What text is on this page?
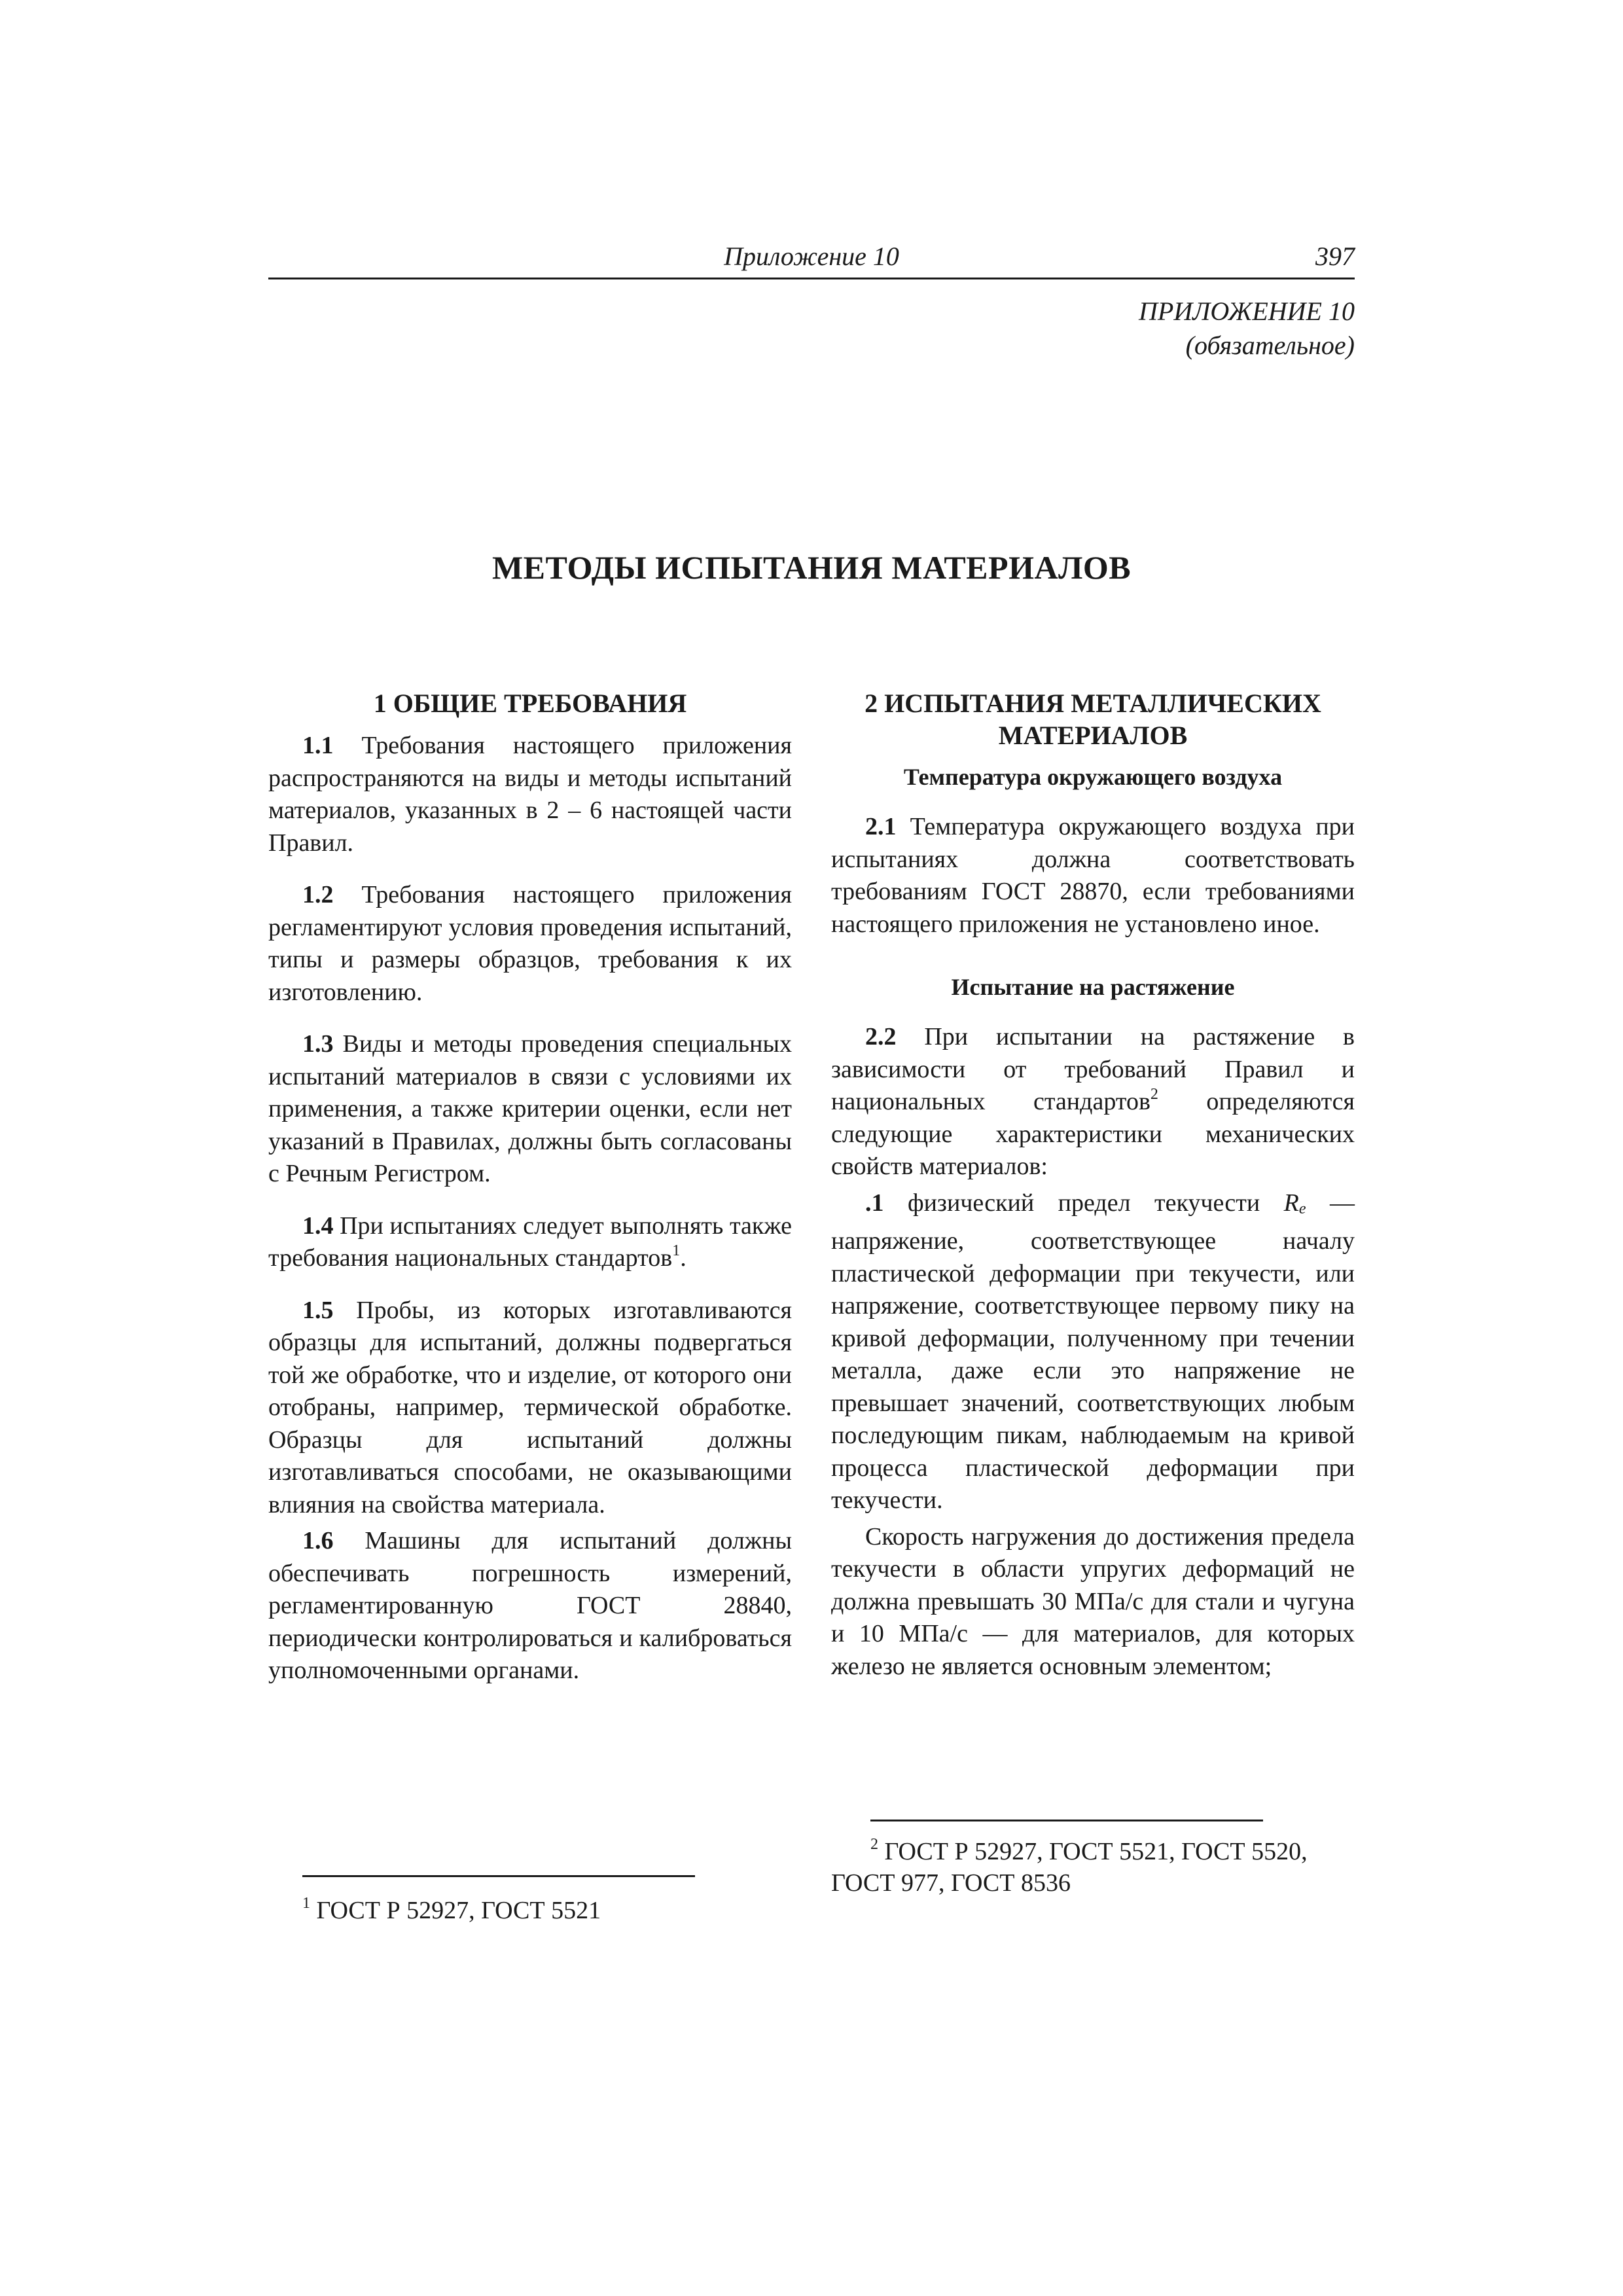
Приложение 10	397
ПРИЛОЖЕНИЕ 10
(обязательное)
МЕТОДЫ ИСПЫТАНИЯ МАТЕРИАЛОВ
1 ОБЩИЕ ТРЕБОВАНИЯ

1.1 Требования настоящего приложения распространяются на виды и методы испытаний материалов, указанных в 2 – 6 настоящей части Правил.

1.2 Требования настоящего приложения регламентируют условия проведения испытаний, типы и размеры образцов, требования к их изготовлению.

1.3 Виды и методы проведения специальных испытаний материалов в связи с условиями их применения, а также критерии оценки, если нет указаний в Правилах, должны быть согласованы с Речным Регистром.

1.4 При испытаниях следует выполнять также требования национальных стандартов$^1$.

1.5 Пробы, из которых изготавливаются образцы для испытаний, должны подвергаться той же обработке, что и изделие, от которого они отобраны, например, термической обработке. Образцы для испытаний должны изготавливаться способами, не оказывающими влияния на свойства материала.

1.6 Машины для испытаний должны обеспечивать погрешность измерений, регламентированную ГОСТ 28840, периодически контролироваться и калиброваться уполномоченными органами.

2 ИСПЫТАНИЯ МЕТАЛЛИЧЕСКИХ МАТЕРИАЛОВ
Температура окружающего воздуха

2.1 Температура окружающего воздуха при испытаниях должна соответствовать требованиям ГОСТ 28870, если требованиями настоящего приложения не установлено иное.

Испытание на растяжение

2.2 При испытании на растяжение в зависимости от требований Правил и национальных стандартов$^2$ определяются следующие характеристики механических свойств материалов:

.1 физический предел текучести Re — напряжение, соответствующее началу пластической деформации при текучести, или напряжение, соответствующее первому пику на кривой деформации, полученному при течении металла, даже если это напряжение не превышает значений, соответствующих любым последующим пикам, наблюдаемым на кривой процесса пластической деформации при текучести.

Скорость нагружения до достижения предела текучести в области упругих деформаций не должна превышать 30 МПа/с для стали и чугуна и 10 МПа/с — для материалов, для которых железо не является основным элементом;

$^1$ ГОСТ Р 52927, ГОСТ 5521
$^2$ ГОСТ Р 52927, ГОСТ 5521, ГОСТ 5520, ГОСТ 977, ГОСТ 8536
